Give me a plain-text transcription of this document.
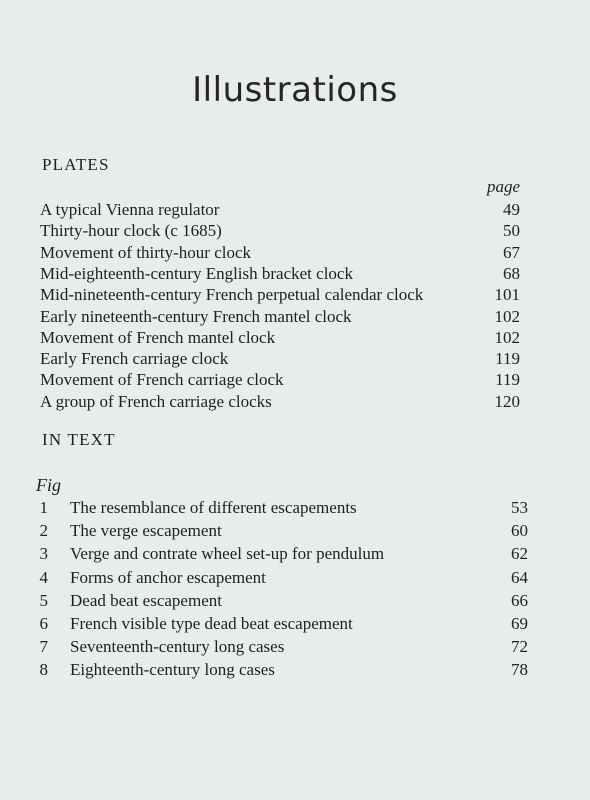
Illustrations
PLATES
page
A typical Vienna regulator	49
Thirty-hour clock (c 1685)	50
Movement of thirty-hour clock	67
Mid-eighteenth-century English bracket clock	68
Mid-nineteenth-century French perpetual calendar clock	101
Early nineteenth-century French mantel clock	102
Movement of French mantel clock	102
Early French carriage clock	119
Movement of French carriage clock	119
A group of French carriage clocks	120
IN TEXT
Fig
1 The resemblance of different escapements	53
2 The verge escapement	60
3 Verge and contrate wheel set-up for pendulum	62
4 Forms of anchor escapement	64
5 Dead beat escapement	66
6 French visible type dead beat escapement	69
7 Seventeenth-century long cases	72
8 Eighteenth-century long cases	78
